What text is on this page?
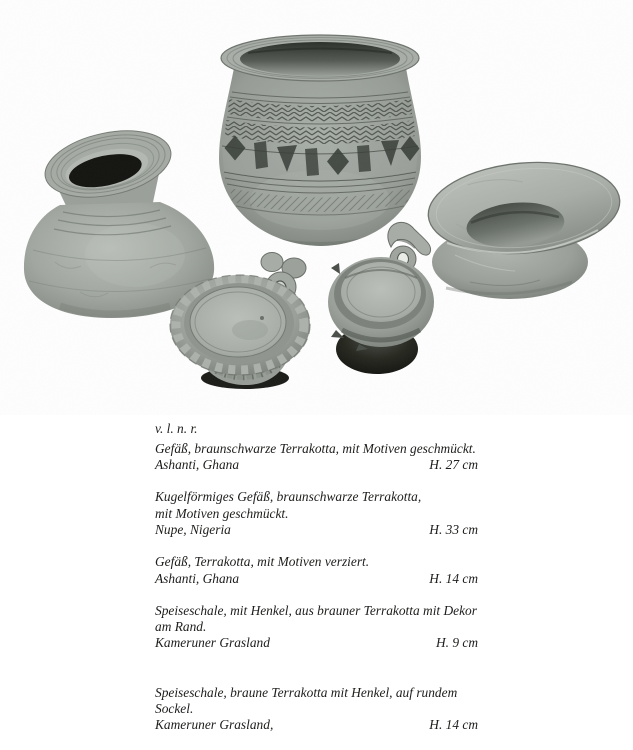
v. l. n. r.
Gefäß, braunschwarze Terrakotta, mit Motiven geschmückt.
Ashanti, Ghana	H. 27 cm
Kugelförmiges Gefäß, braunschwarze Terrakotta,
mit Motiven geschmückt.
Nupe, Nigeria	H. 33 cm
Gefäß, Terrakotta, mit Motiven verziert.
Ashanti, Ghana	H. 14 cm
Speiseschale, mit Henkel, aus brauner Terrakotta mit Dekor
am Rand.
Kameruner Grasland	H. 9 cm
Speiseschale, braune Terrakotta mit Henkel, auf rundem
Sockel.
Kameruner Grasland,	H. 14 cm
